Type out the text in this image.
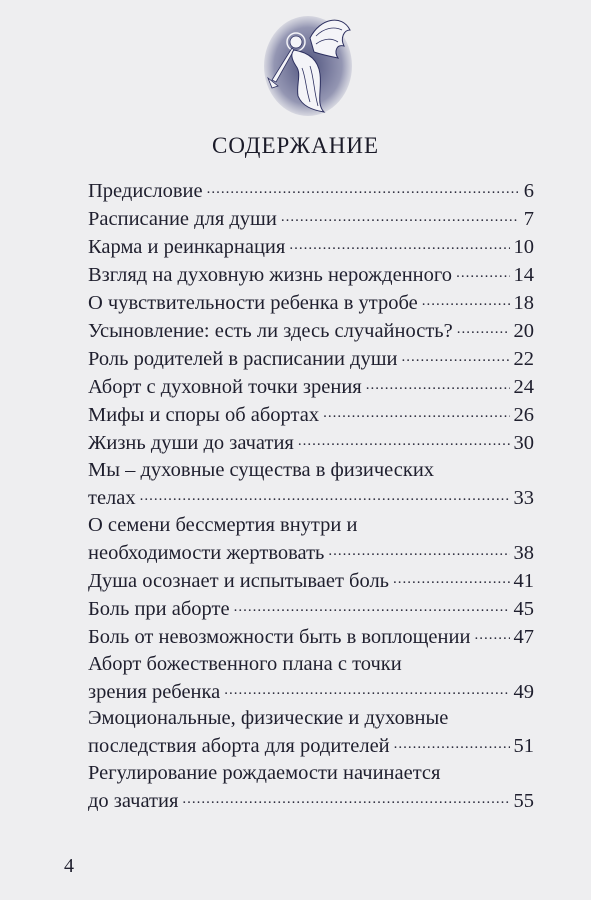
СОДЕРЖАНИЕ
Предисловие .....	6
Расписание для души .....	7
Карма и реинкарнация .....	10
Взгляд на духовную жизнь нерожденного .....	14
О чувствительности ребенка в утробе .....	18
Усыновление: есть ли здесь случайность? .....	20
Роль родителей в расписании души .....	22
Аборт с духовной точки зрения .....	24
Мифы и споры об абортах .....	26
Жизнь души до зачатия .....	30
Мы – духовные существа в физических
телах .....	33
О семени бессмертия внутри и
необходимости жертвовать .....	38
Душа осознает и испытывает боль .....	41
Боль при аборте .....	45
Боль от невозможности быть в воплощении ..... 47
Аборт божественного плана с точки
зрения ребенка .....	49
Эмоциональные, физические и духовные
последствия аборта для родителей .....	51
Регулирование рождаемости начинается
до зачатия .....	55
4
